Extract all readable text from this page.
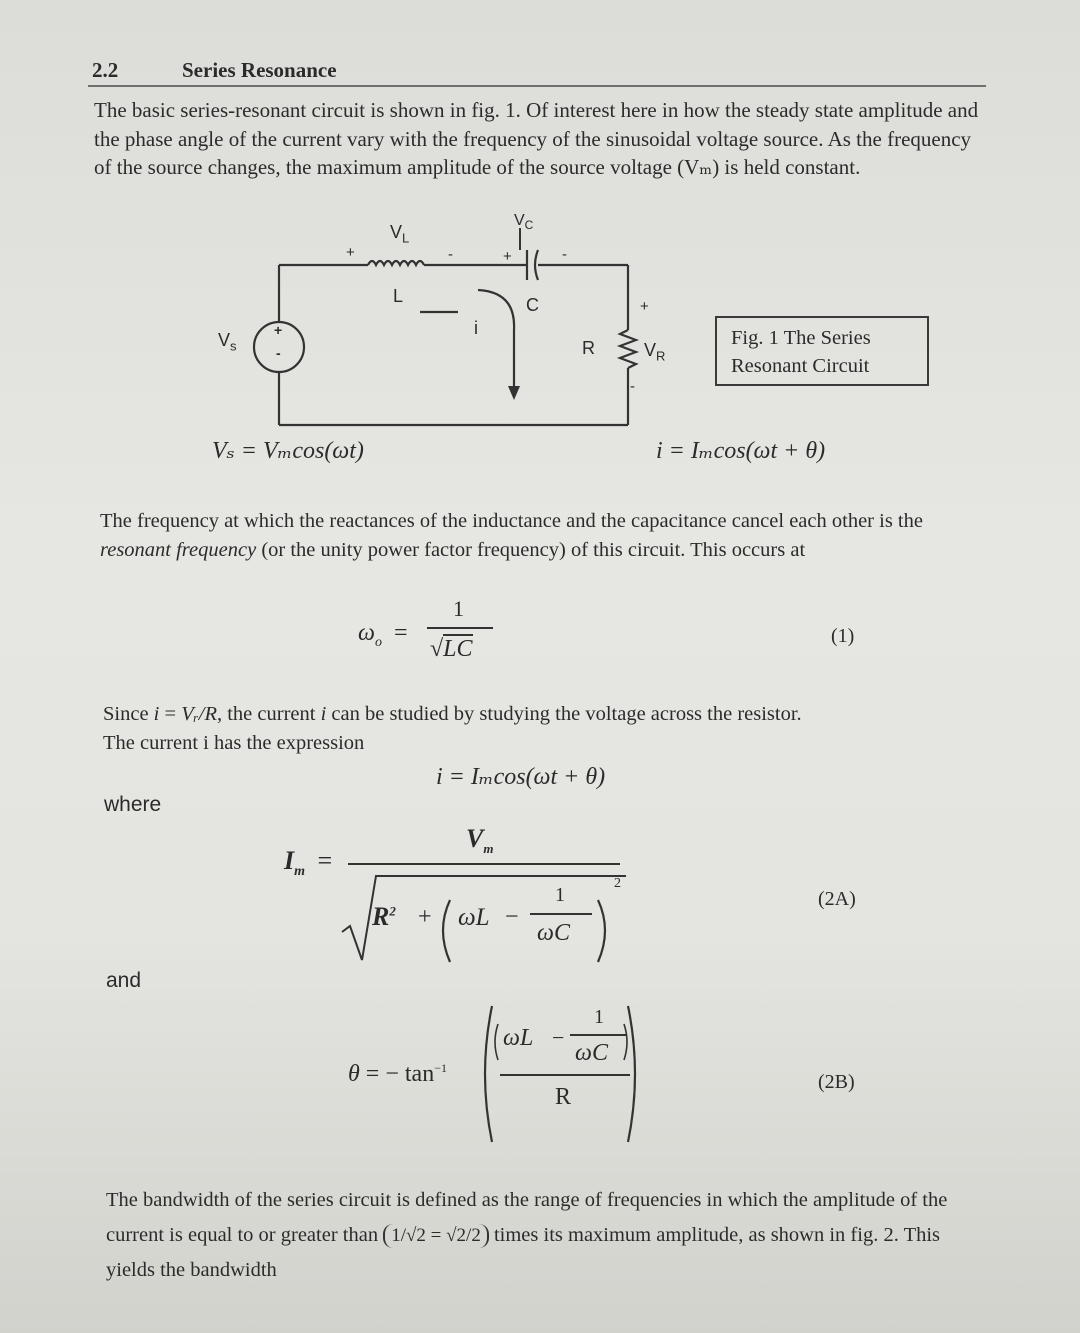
2.2	Series Resonance
The basic series-resonant circuit is shown in fig. 1. Of interest here in how the steady state amplitude and the phase angle of the current vary with the frequency of the sinusoidal voltage source. As the frequency of the source changes, the maximum amplitude of the source voltage (Vₘ) is held constant.
$V_L$
+	-
L
$V_C$
+	-
C
i
R	$V_R$
+
-
$V_s$
+
-
Fig. 1 The Series
Resonant Circuit
Vₛ = Vₘcos(ωt)	i = Iₘcos(ωt + θ)
The frequency at which the reactances of the inductance and the capacitance cancel each other is the resonant frequency (or the unity power factor frequency) of this circuit. This occurs at
$\omega_o$ =
1
√LC	(1)
Since i = Vᵣ/R, the current i can be studied by studying the voltage across the resistor.
The current i has the expression
i = Iₘcos(ωt + θ)
where
$I_m$ =
$V_m$
$R^2 + \omega L$ −
1
ωC
2
(2A)
and
θ = − $\tan^{-1}$
ωL −
1
ωC
R
(2B)
The bandwidth of the series circuit is defined as the range of frequencies in which the amplitude of the current is equal to or greater than 1/√2 = √2/2 times its maximum amplitude, as shown in fig. 2. This yields the bandwidth
